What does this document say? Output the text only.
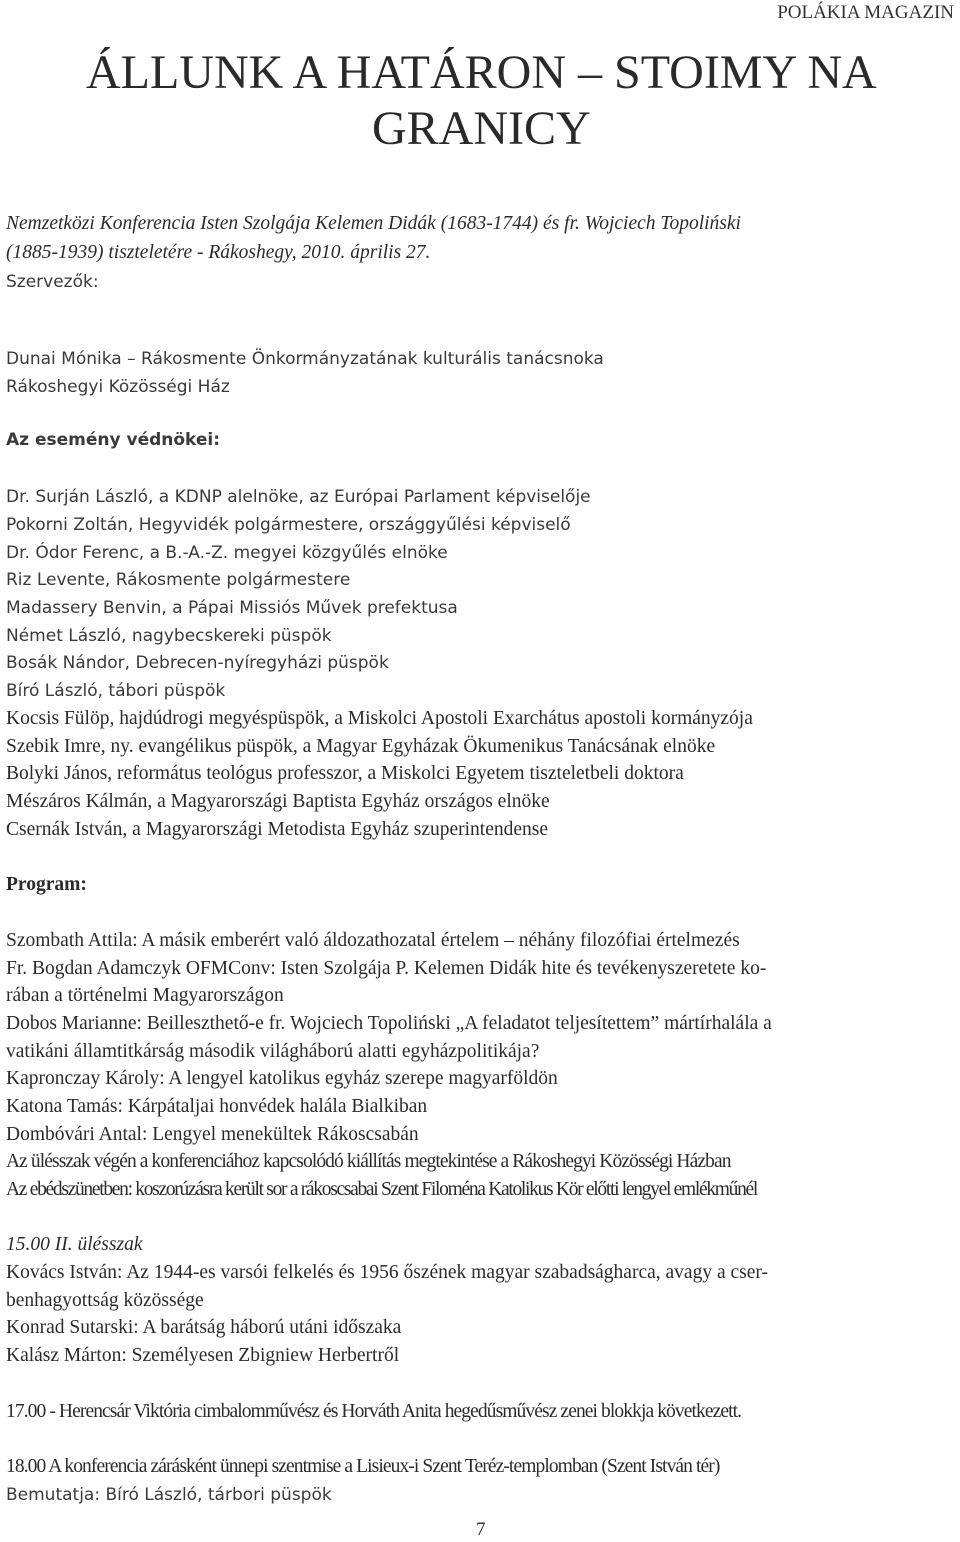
POLÁKIA MAGAZIN
ÁLLUNK A HATÁRON – STOIMY NA
GRANICY
Nemzetközi Konferencia Isten Szolgája Kelemen Didák (1683-1744) és fr. Wojciech Topoliński
(1885-1939) tiszteletére - Rákoshegy, 2010. április 27.
Szervezők:
Dunai Mónika – Rákosmente Önkormányzatának kulturális tanácsnoka
Rákoshegyi Közösségi Ház
Az esemény védnökei:
Dr. Surján László, a KDNP alelnöke, az Európai Parlament képviselője
Pokorni Zoltán, Hegyvidék polgármestere, országgyűlési képviselő
Dr. Ódor Ferenc, a B.-A.-Z. megyei közgyűlés elnöke
Riz Levente, Rákosmente polgármestere
Madassery Benvin, a Pápai Missiós Művek prefektusa
Német László, nagybecskereki püspök
Bosák Nándor, Debrecen-nyíregyházi püspök
Bíró László, tábori püspök
Kocsis Fülöp, hajdúdrogi megyéspüspök, a Miskolci Apostoli Exarchátus apostoli kormányzója
Szebik Imre, ny. evangélikus püspök, a Magyar Egyházak Ökumenikus Tanácsának elnöke
Bolyki János, református teológus professzor, a Miskolci Egyetem tiszteletbeli doktora
Mészáros Kálmán, a Magyarországi Baptista Egyház országos elnöke
Csernák István, a Magyarországi Metodista Egyház szuperintendense
Program:
Szombath Attila: A másik emberért való áldozathozatal értelem – néhány filozófiai értelmezés
Fr. Bogdan Adamczyk OFMConv: Isten Szolgája P. Kelemen Didák hite és tevékenyszeretete ko-
rában a történelmi Magyarországon
Dobos Marianne: Beilleszthető-e fr. Wojciech Topoliński „A feladatot teljesítettem” mártírhalála a
vatikáni államtitkárság második világháború alatti egyházpolitikája?
Kapronczay Károly: A lengyel katolikus egyház szerepe magyarföldön
Katona Tamás: Kárpátaljai honvédek halála Bialkiban
Dombóvári Antal: Lengyel menekültek Rákoscsabán
Az ülésszak végén a konferenciához kapcsolódó kiállítás megtekintése a Rákoshegyi Közösségi Házban
Az ebédszünetben: koszorúzásra került sor a rákoscsabai Szent Filoména Katolikus Kör előtti lengyel emlékműnél
15.00 II. ülésszak
Kovács István: Az 1944-es varsói felkelés és 1956 őszének magyar szabadságharca, avagy a cser-
benhagyottság közössége
Konrad Sutarski: A barátság háború utáni időszaka
Kalász Márton: Személyesen Zbigniew Herbertről
17.00 - Herencsár Viktória cimbalomművész és Horváth Anita hegedűsművész zenei blokkja következett.
18.00 A konferencia zárásként ünnepi szentmise a Lisieux-i Szent Teréz-templomban (Szent István tér)
Bemutatja: Bíró László, tárbori püspök
7
